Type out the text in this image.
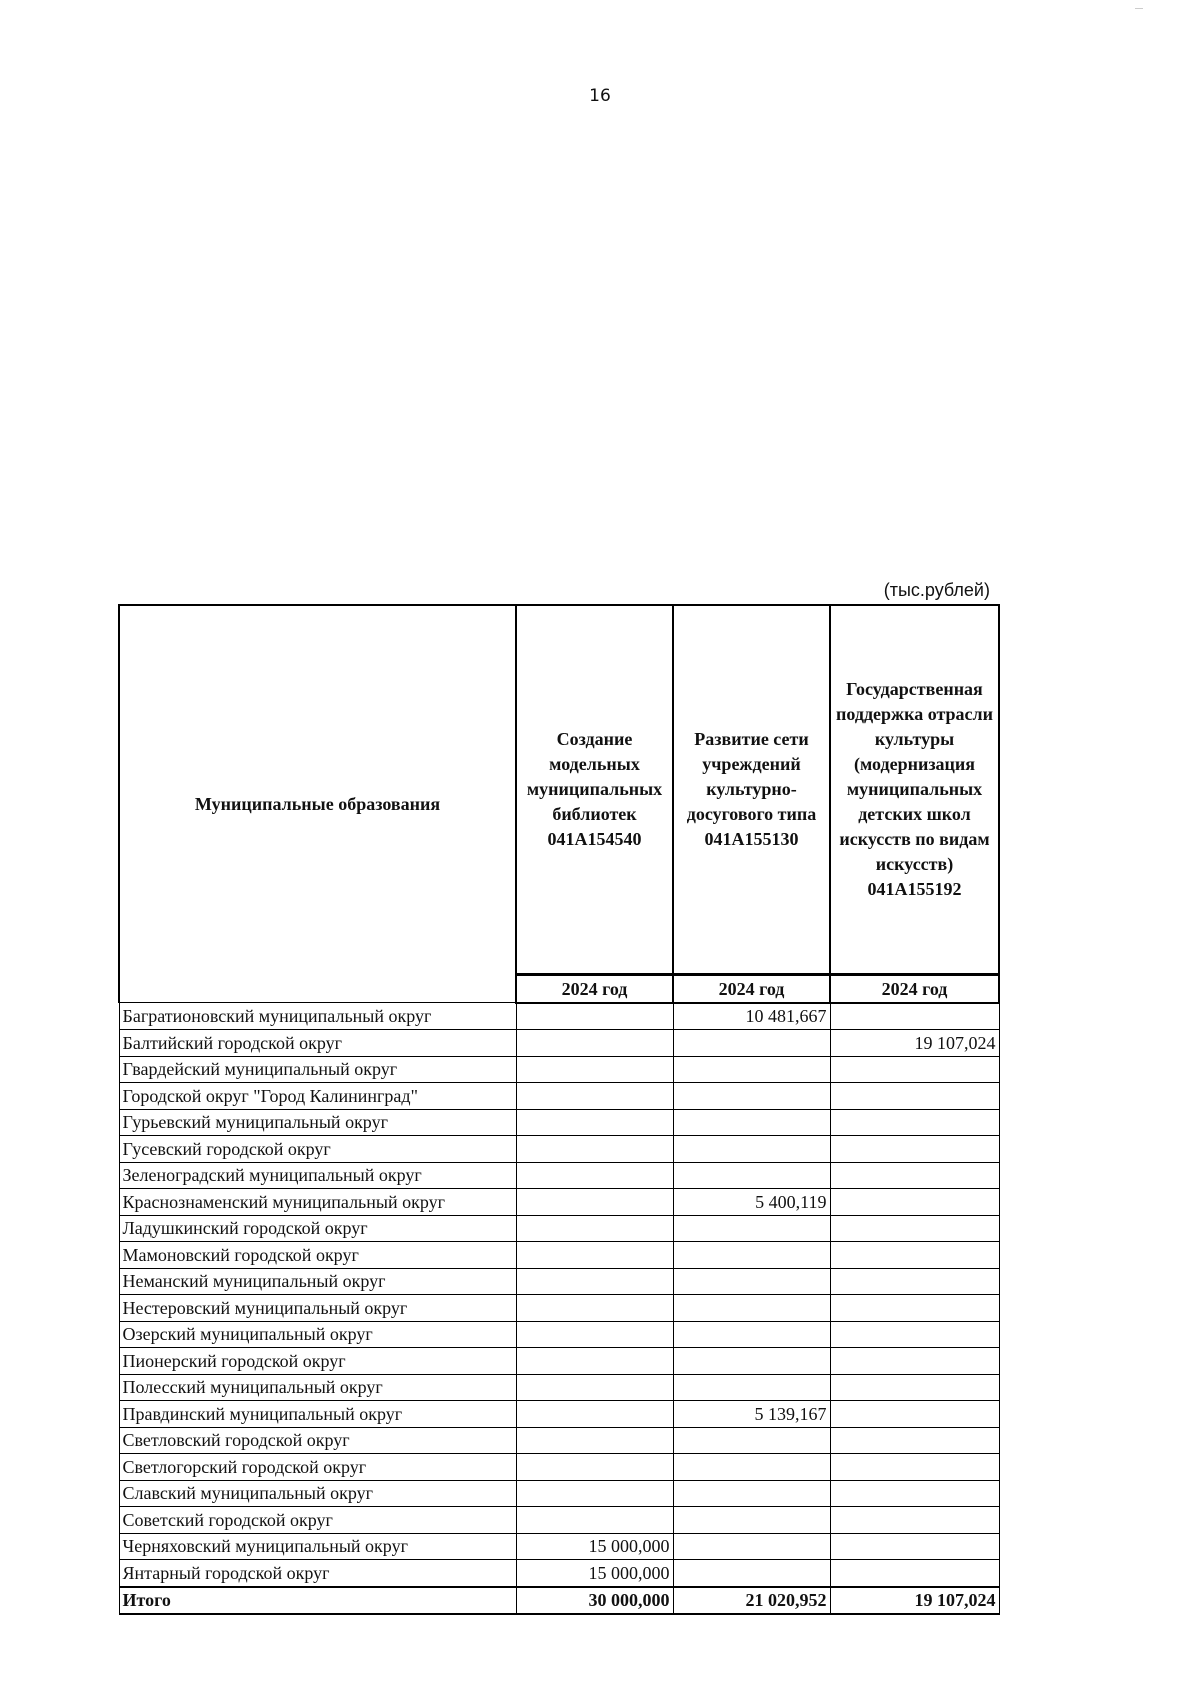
16
(тыс.рублей)
Муниципальные образования	Создание модельных муниципальных библиотек 041А154540	Развитие сети учреждений культурно-досугового типа 041А155130	Государственная поддержка отрасли культуры (модернизация муниципальных детских школ искусств по видам искусств) 041А155192
	2024 год	2024 год	2024 год
Багратионовский муниципальный округ		10 481,667	
Балтийский городской округ			19 107,024
Гвардейский муниципальный округ			
Городской округ "Город Калининград"			
Гурьевский муниципальный округ			
Гусевский городской округ			
Зеленоградский муниципальный округ			
Краснознаменский муниципальный округ		5 400,119	
Ладушкинский городской округ			
Мамоновский городской округ			
Неманский муниципальный округ			
Нестеровский муниципальный округ			
Озерский муниципальный округ			
Пионерский городской округ			
Полесский муниципальный округ			
Правдинский муниципальный округ		5 139,167	
Светловский городской округ			
Светлогорский городской округ			
Славский муниципальный округ			
Советский городской округ			
Черняховский муниципальный округ	15 000,000		
Янтарный городской округ	15 000,000		
Итого	30 000,000	21 020,952	19 107,024
